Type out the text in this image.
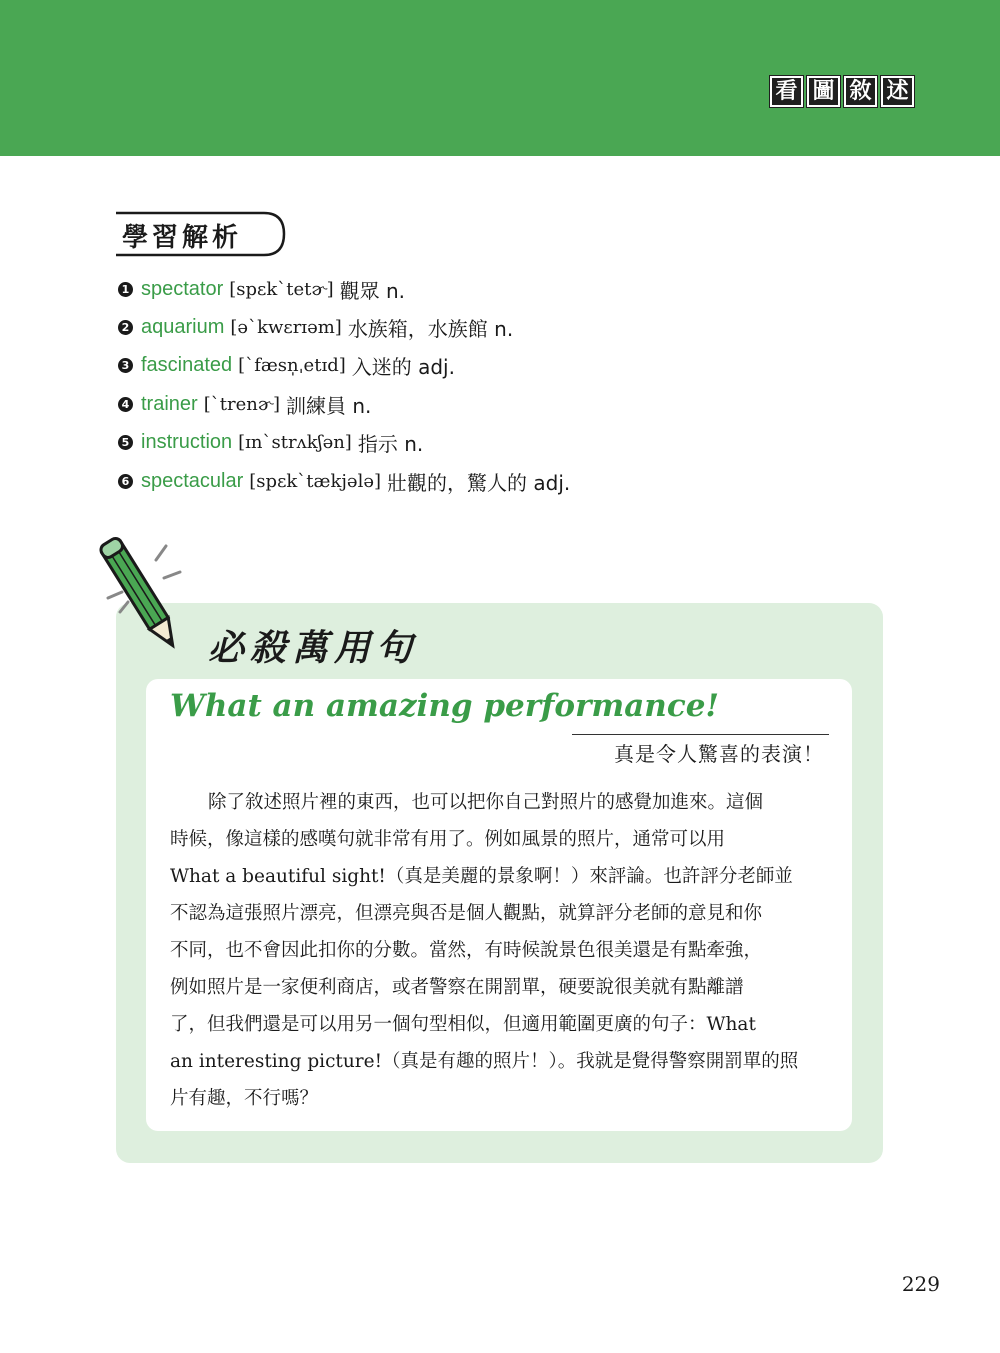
看 圖 敘 述
學習解析
1 spectator [spɛk`tetɚ] 觀眾 n.
2 aquarium [ə`kwɛrɪəm] 水族箱，水族館 n.
3 fascinated [`fæsn̩ˌetɪd] 入迷的 adj.
4 trainer [`trenɚ] 訓練員 n.
5 instruction [ɪn`strʌkʃən] 指示 n.
6 spectacular [spɛk`tækjələ] 壯觀的，驚人的 adj.
必殺萬用句
What an amazing performance!
真是令人驚喜的表演！
除了敘述照片裡的東西，也可以把你自己對照片的感覺加進來。這個
時候，像這樣的感嘆句就非常有用了。例如風景的照片，通常可以用
What a beautiful sight!（真是美麗的景象啊！）來評論。也許評分老師並
不認為這張照片漂亮，但漂亮與否是個人觀點，就算評分老師的意見和你
不同，也不會因此扣你的分數。當然，有時候說景色很美還是有點牽強，
例如照片是一家便利商店，或者警察在開罰單，硬要說很美就有點離譜
了，但我們還是可以用另一個句型相似，但適用範圍更廣的句子：What
an interesting picture!（真是有趣的照片！）。我就是覺得警察開罰單的照
片有趣，不行嗎？
229
